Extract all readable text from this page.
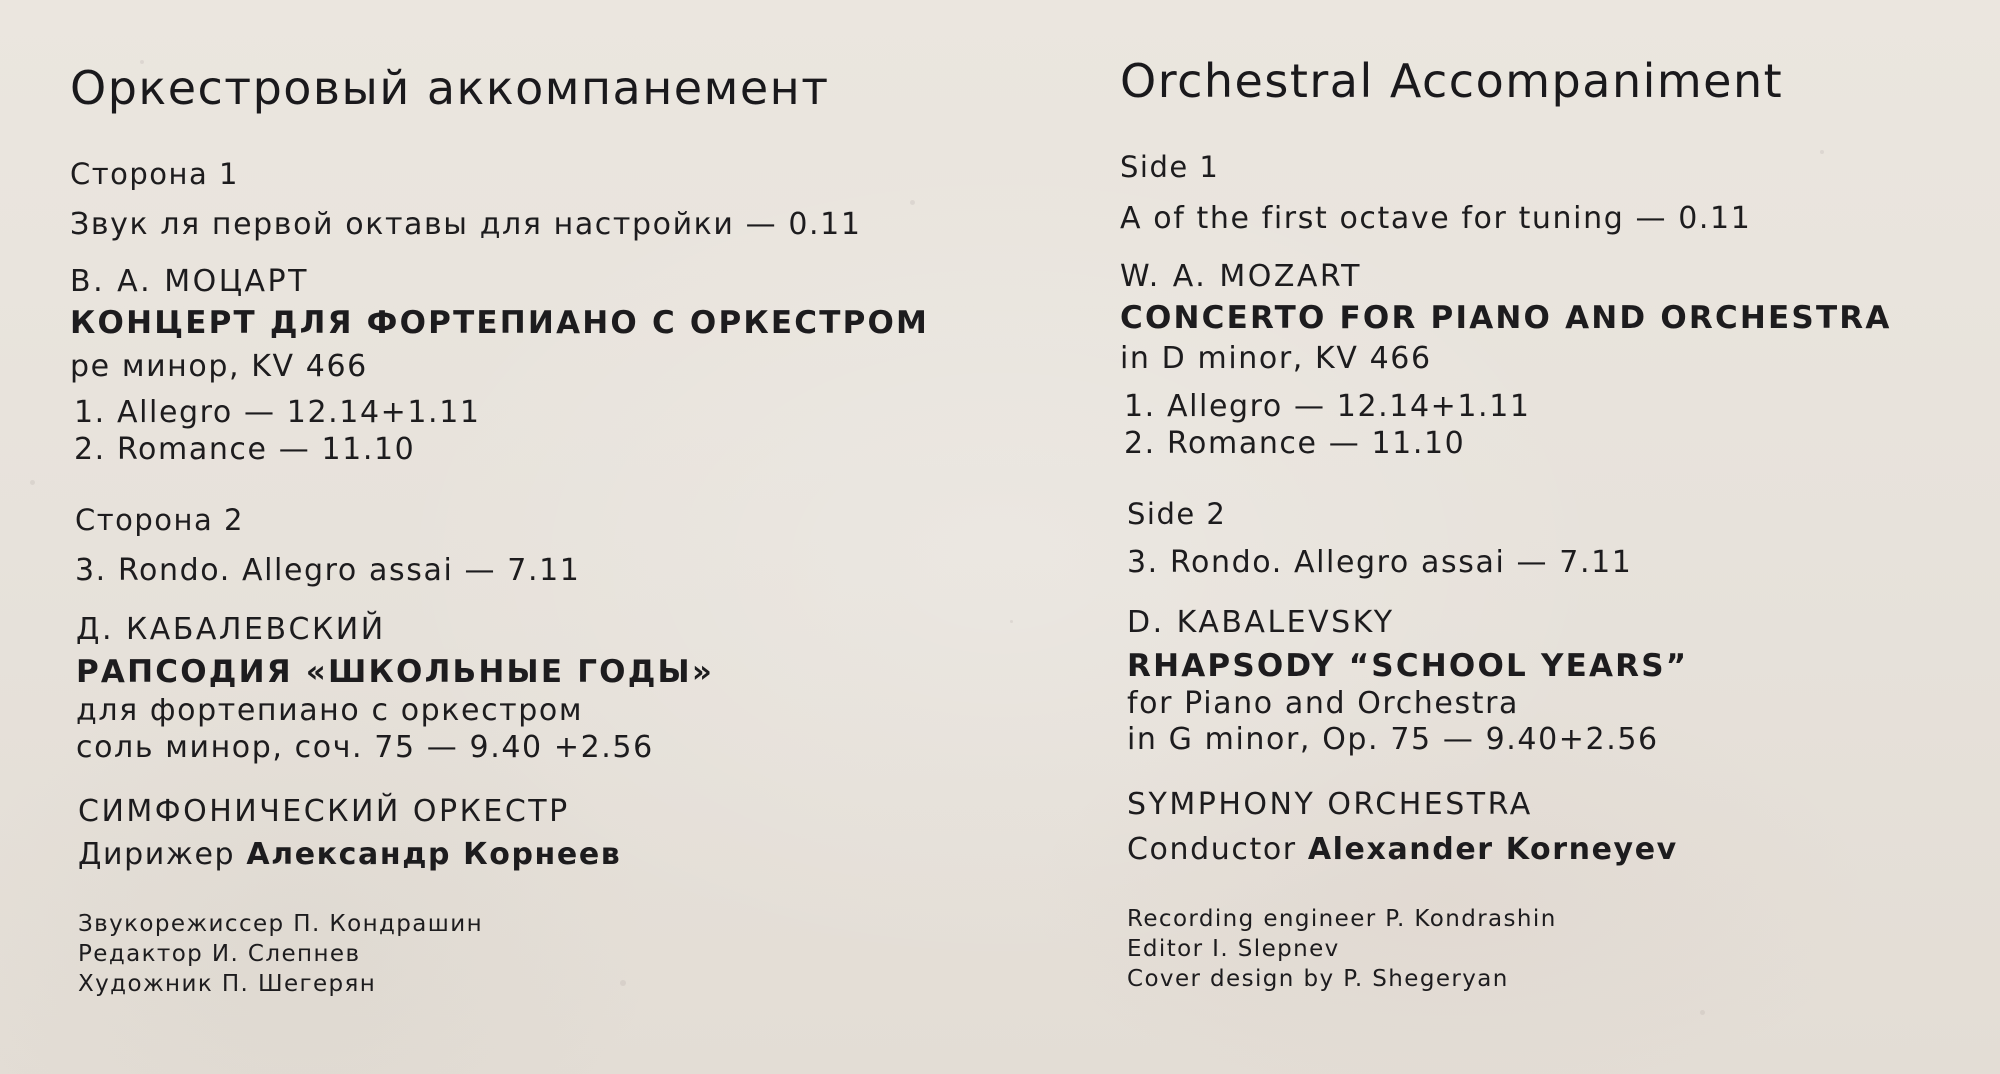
Оркестровый аккомпанемент
Сторона 1
Звук ля первой октавы для настройки — 0.11
В. А. МОЦАРТ
КОНЦЕРТ ДЛЯ ФОРТЕПИАНО С ОРКЕСТРОМ
ре минор, KV 466
1. Allegro — 12.14+1.11
2. Romance — 11.10
Сторона 2
3. Rondo. Allegro assai — 7.11
Д. КАБАЛЕВСКИЙ
РАПСОДИЯ «ШКОЛЬНЫЕ ГОДЫ»
для фортепиано с оркестром
соль минор, соч. 75 — 9.40 +2.56
СИМФОНИЧЕСКИЙ ОРКЕСТР
Дирижер Александр Корнеев
Звукорежиссер П. Кондрашин
Редактор И. Слепнев
Художник П. Шегерян
Orchestral Accompaniment
Side 1
A of the first octave for tuning — 0.11
W. A. MOZART
CONCERTO FOR PIANO AND ORCHESTRA
in D minor, KV 466
1. Allegro — 12.14+1.11
2. Romance — 11.10
Side 2
3. Rondo. Allegro assai — 7.11
D. KABALEVSKY
RHAPSODY “SCHOOL YEARS”
for Piano and Orchestra
in G minor, Op. 75 — 9.40+2.56
SYMPHONY ORCHESTRA
Conductor Alexander Korneyev
Recording engineer P. Kondrashin
Editor I. Slepnev
Cover design by P. Shegeryan
